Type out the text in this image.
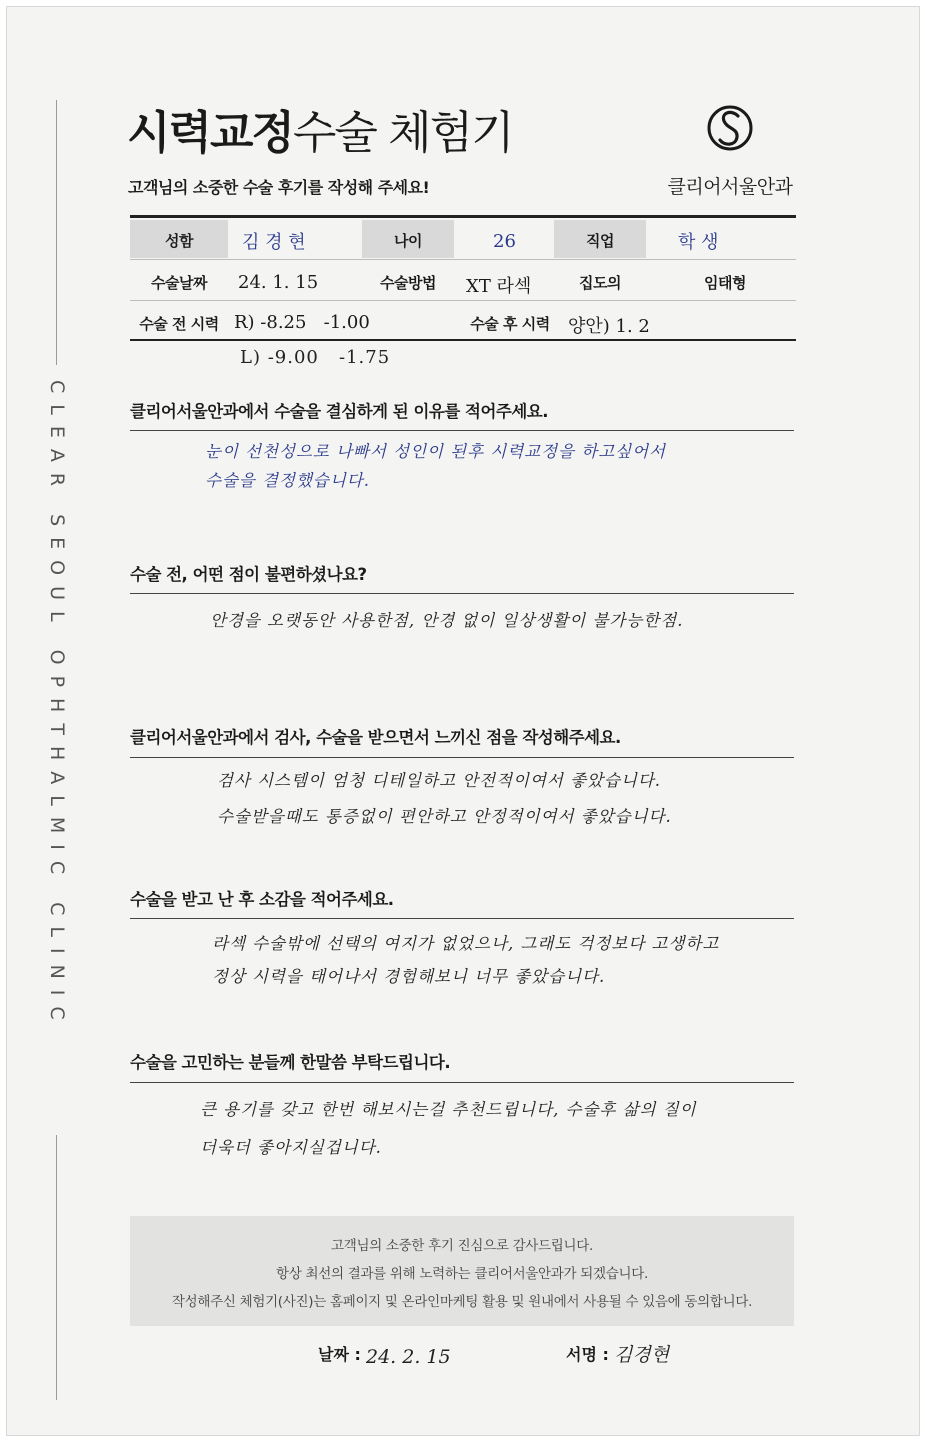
CLEAR SEOUL OPHTHALMIC CLINIC
시력교정수술 체험기
고객님의 소중한 수술 후기를 작성해 주세요!	클리어서울안과
성함	김 경 현	나이	26	직업	학 생
수술날짜	24. 1. 15	수술방법	XT 라섹	집도의	임태형
수술 전 시력 R) -8.25   -1.00	수술 후 시력	양안) 1. 2
L) -9.00   -1.75
클리어서울안과에서 수술을 결심하게 된 이유를 적어주세요.
눈이 선천성으로 나빠서 성인이 된후 시력교정을 하고싶어서
수술을 결정했습니다.
수술 전, 어떤 점이 불편하셨나요?
안경을 오랫동안 사용한점, 안경 없이 일상생활이 불가능한점.
클리어서울안과에서 검사, 수술을 받으면서 느끼신 점을 작성해주세요.
검사 시스템이 엄청 디테일하고 안전적이여서 좋았습니다.
수술받을때도 통증없이 편안하고 안정적이여서 좋았습니다.
수술을 받고 난 후 소감을 적어주세요.
라섹 수술밖에 선택의 여지가 없었으나, 그래도 걱정보다 고생하고
정상 시력을 태어나서 경험해보니 너무 좋았습니다.
수술을 고민하는 분들께 한말씀 부탁드립니다.
큰 용기를 갖고 한번 해보시는걸 추천드립니다, 수술후 삶의 질이
더욱더 좋아지실겁니다.
고객님의 소중한 후기 진심으로 감사드립니다.
항상 최선의 결과를 위해 노력하는 클리어서울안과가 되겠습니다.
작성해주신 체험기(사진)는 홈페이지 및 온라인마케팅 활용 및 원내에서 사용될 수 있음에 동의합니다.
날짜 : 24. 2. 15	서명 : 김경현
